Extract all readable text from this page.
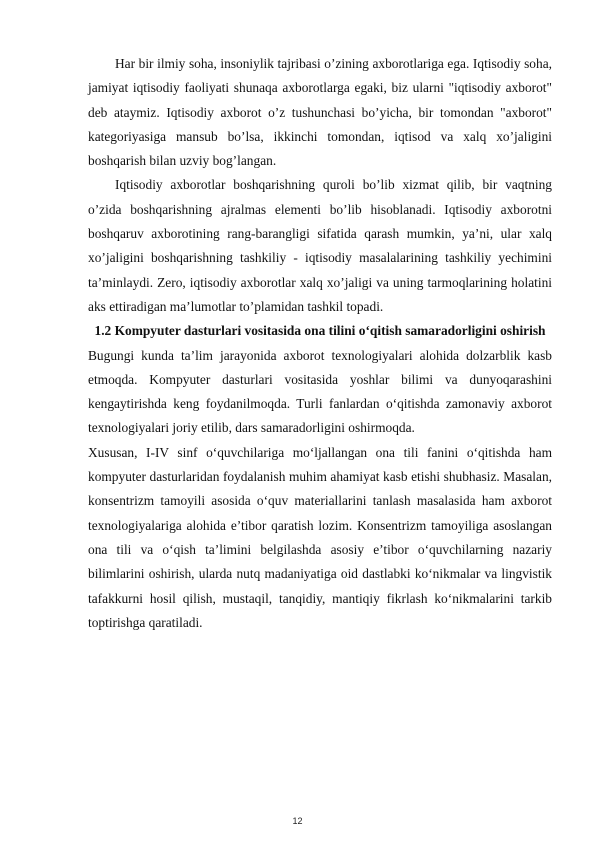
Har bir ilmiy soha, insoniylik tajribasi o’zining axborotlariga ega. Iqtisodiy soha, jamiyat iqtisodiy faoliyati shunaqa axborotlarga egaki, biz ularni "iqtisodiy axborot" deb ataymiz. Iqtisodiy axborot o’z tushunchasi bo’yicha, bir tomondan "axborot" kategoriyasiga mansub bo’lsa, ikkinchi tomondan, iqtisod va xalq xo’jaligini boshqarish bilan uzviy bog’langan.

Iqtisodiy axborotlar boshqarishning quroli bo’lib xizmat qilib, bir vaqtning o’zida boshqarishning ajralmas elementi bo’lib hisoblanadi. Iqtisodiy axborotni boshqaruv axborotining rang-barangligi sifatida qarash mumkin, ya’ni, ular xalq xo’jaligini boshqarishning tashkiliy - iqtisodiy masalalarining tashkiliy yechimini ta’minlaydi. Zero, iqtisodiy axborotlar xalq xo’jaligi va uning tarmoqlarining holatini aks ettiradigan ma’lumotlar to’plamidan tashkil topadi.

1.2 Kompyuter dasturlari vositasida ona tilini o‘qitish samaradorligini oshirish

Bugungi kunda ta’lim jarayonida axborot texnologiyalari alohida dolzarblik kasb etmoqda. Kompyuter dasturlari vositasida yoshlar bilimi va dunyoqarashini kengaytirishda keng foydanilmoqda. Turli fanlardan o‘qitishda zamonaviy axborot texnologiyalari joriy etilib, dars samaradorligini oshirmoqda.

Xususan, I-IV sinf o‘quvchilariga mo‘ljallangan ona tili fanini o‘qitishda ham kompyuter dasturlaridan foydalanish muhim ahamiyat kasb etishi shubhasiz. Masalan, konsentrizm tamoyili asosida o‘quv materiallarini tanlash masalasida ham axborot texnologiyalariga alohida e’tibor qaratish lozim. Konsentrizm tamoyiliga asoslangan ona tili va o‘qish ta’limini belgilashda asosiy e’tibor o‘quvchilarning nazariy bilimlarini oshirish, ularda nutq madaniyatiga oid dastlabki ko‘nikmalar va lingvistik tafakkurni hosil qilish, mustaqil, tanqidiy, mantiqiy fikrlash ko‘nikmalarini tarkib toptirishga qaratiladi.

12
